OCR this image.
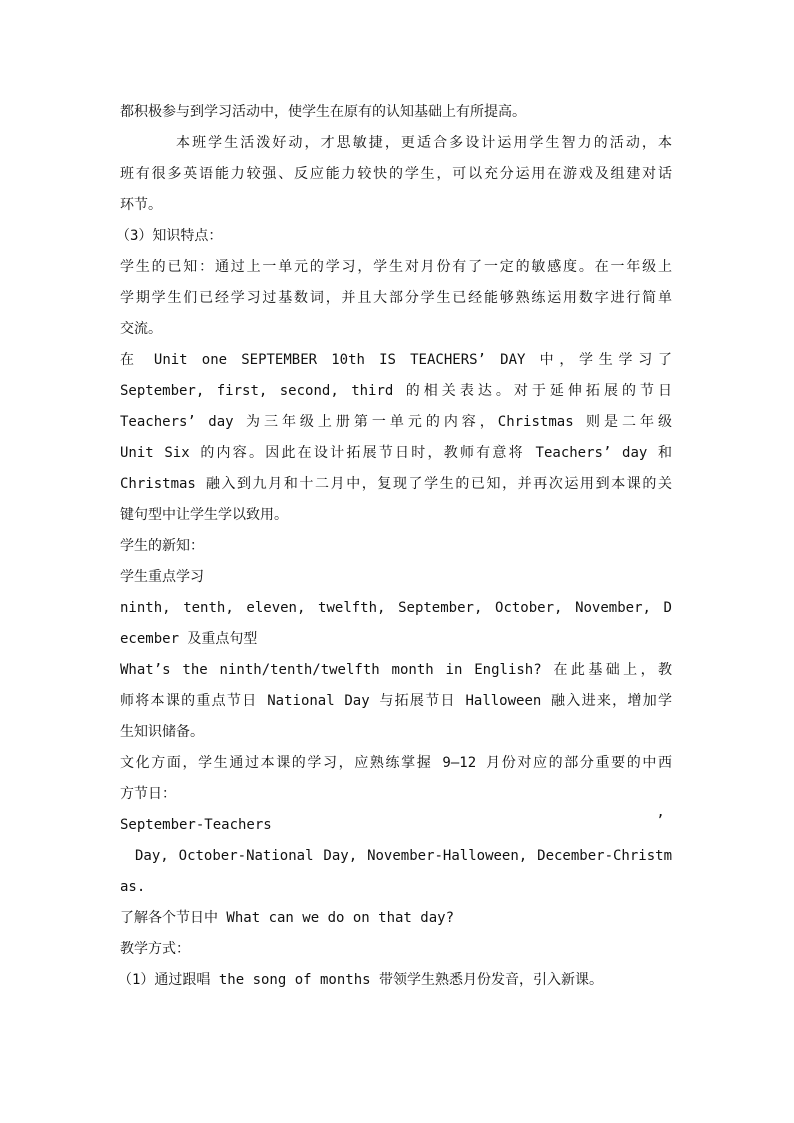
都积极参与到学习活动中，使学生在原有的认知基础上有所提高。
本班学生活泼好动，才思敏捷，更适合多设计运用学生智力的活动，本
班有很多英语能力较强、反应能力较快的学生，可以充分运用在游戏及组建对话
环节。
（3）知识特点：
学生的已知：通过上一单元的学习，学生对月份有了一定的敏感度。在一年级上
学期学生们已经学习过基数词，并且大部分学生已经能够熟练运用数字进行简单
交流。
在 Unit one SEPTEMBER 10th IS TEACHERS’ DAY 中，学生学习了
September, first, second, third 的相关表达。对于延伸拓展的节日
Teachers’ day 为三年级上册第一单元的内容，Christmas 则是二年级
Unit Six 的内容。因此在设计拓展节日时，教师有意将 Teachers’ day 和
Christmas 融入到九月和十二月中，复现了学生的已知，并再次运用到本课的关
键句型中让学生学以致用。
学生的新知：
学生重点学习
ninth, tenth, eleven, twelfth, September, October, November, D
ecember 及重点句型
What’s the ninth/tenth/twelfth month in English? 在此基础上，教
师将本课的重点节日 National Day 与拓展节日 Halloween 融入进来，增加学
生知识储备。
文化方面，学生通过本课的学习，应熟练掌握 9—12 月份对应的部分重要的中西
方节日：
September-Teachers	’
Day, October-National Day, November-Halloween, December-Christm
as.
了解各个节日中 What can we do on that day?
教学方式：
（1）通过跟唱 the song of months 带领学生熟悉月份发音，引入新课。
